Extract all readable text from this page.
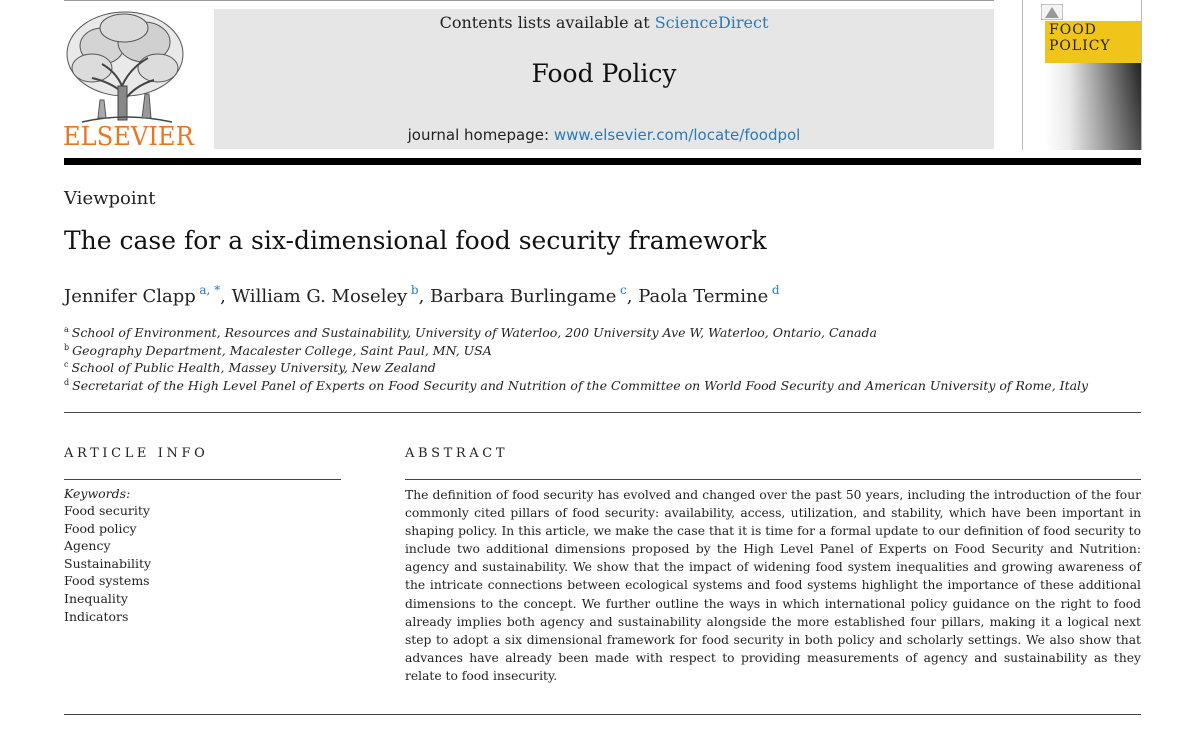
ELSEVIER
Contents lists available at ScienceDirect
Food Policy
journal homepage: www.elsevier.com/locate/foodpol
FOOD
POLICY
Viewpoint
The case for a six-dimensional food security framework
Jennifer Clapp  $^{a, *}$, William G. Moseley  $^b$, Barbara Burlingame  $^c$, Paola Termine  $^d$
$^a$ School of Environment, Resources and Sustainability, University of Waterloo, 200 University Ave W, Waterloo, Ontario, Canada
$^b$ Geography Department, Macalester College, Saint Paul, MN, USA
$^c$ School of Public Health, Massey University, New Zealand
$^d$ Secretariat of the High Level Panel of Experts on Food Security and Nutrition of the Committee on World Food Security and American University of Rome, Italy
ARTICLE INFO
Keywords:
Food security
Food policy
Agency
Sustainability
Food systems
Inequality
Indicators
ABSTRACT
The definition of food security has evolved and changed over the past 50 years, including the introduction of the four commonly cited pillars of food security: availability, access, utilization, and stability, which have been important in shaping policy. In this article, we make the case that it is time for a formal update to our definition of food security to include two additional dimensions proposed by the High Level Panel of Experts on Food Security and Nutrition: agency and sustainability. We show that the impact of widening food system inequalities and growing awareness of the intricate connections between ecological systems and food systems highlight the importance of these additional dimensions to the concept. We further outline the ways in which international policy guidance on the right to food already implies both agency and sustainability alongside the more established four pillars, making it a logical next step to adopt a six dimensional framework for food security in both policy and scholarly settings. We also show that advances have already been made with respect to providing measurements of agency and sustainability as they relate to food insecurity.
